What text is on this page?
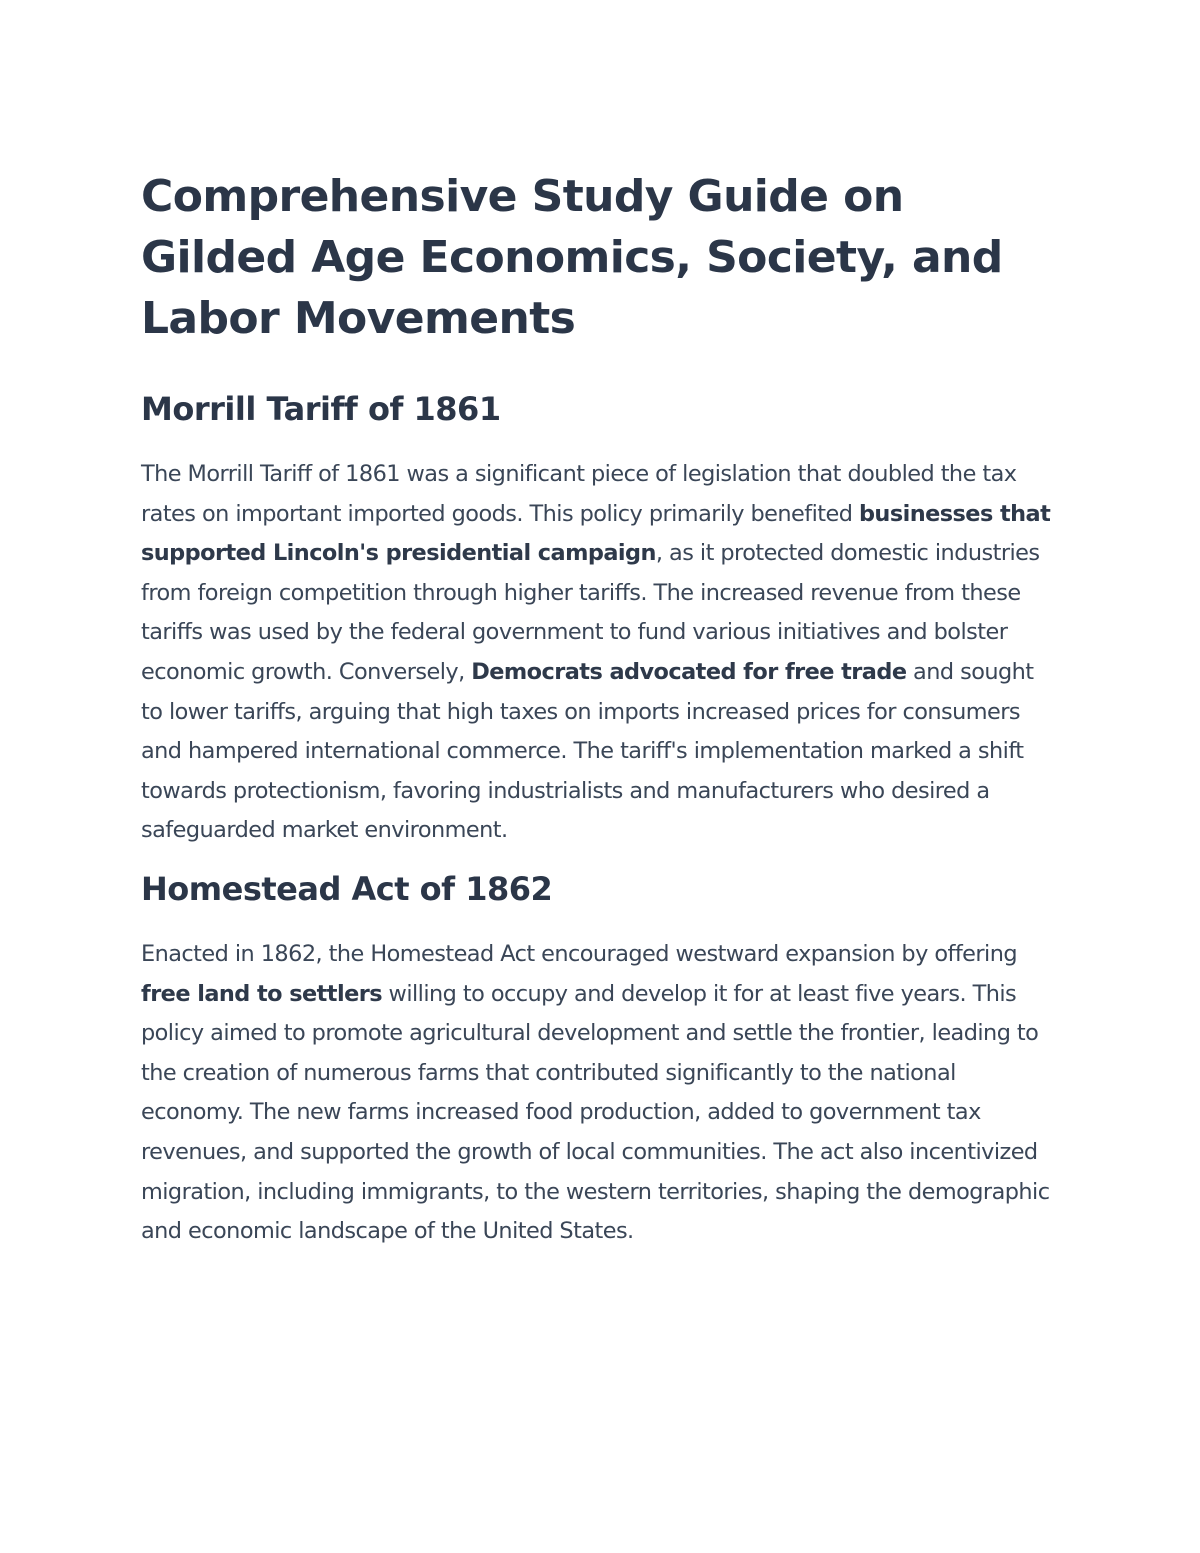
Comprehensive Study Guide on Gilded Age Economics, Society, and Labor Movements
Morrill Tariff of 1861

The Morrill Tariff of 1861 was a significant piece of legislation that doubled the tax rates on important imported goods. This policy primarily benefited businesses that supported Lincoln's presidential campaign, as it protected domestic industries from foreign competition through higher tariffs. The increased revenue from these tariffs was used by the federal government to fund various initiatives and bolster economic growth. Conversely, Democrats advocated for free trade and sought to lower tariffs, arguing that high taxes on imports increased prices for consumers and hampered international commerce. The tariff's implementation marked a shift towards protectionism, favoring industrialists and manufacturers who desired a safeguarded market environment.

Homestead Act of 1862

Enacted in 1862, the Homestead Act encouraged westward expansion by offering free land to settlers willing to occupy and develop it for at least five years. This policy aimed to promote agricultural development and settle the frontier, leading to the creation of numerous farms that contributed significantly to the national economy. The new farms increased food production, added to government tax revenues, and supported the growth of local communities. The act also incentivized migration, including immigrants, to the western territories, shaping the demographic and economic landscape of the United States.
